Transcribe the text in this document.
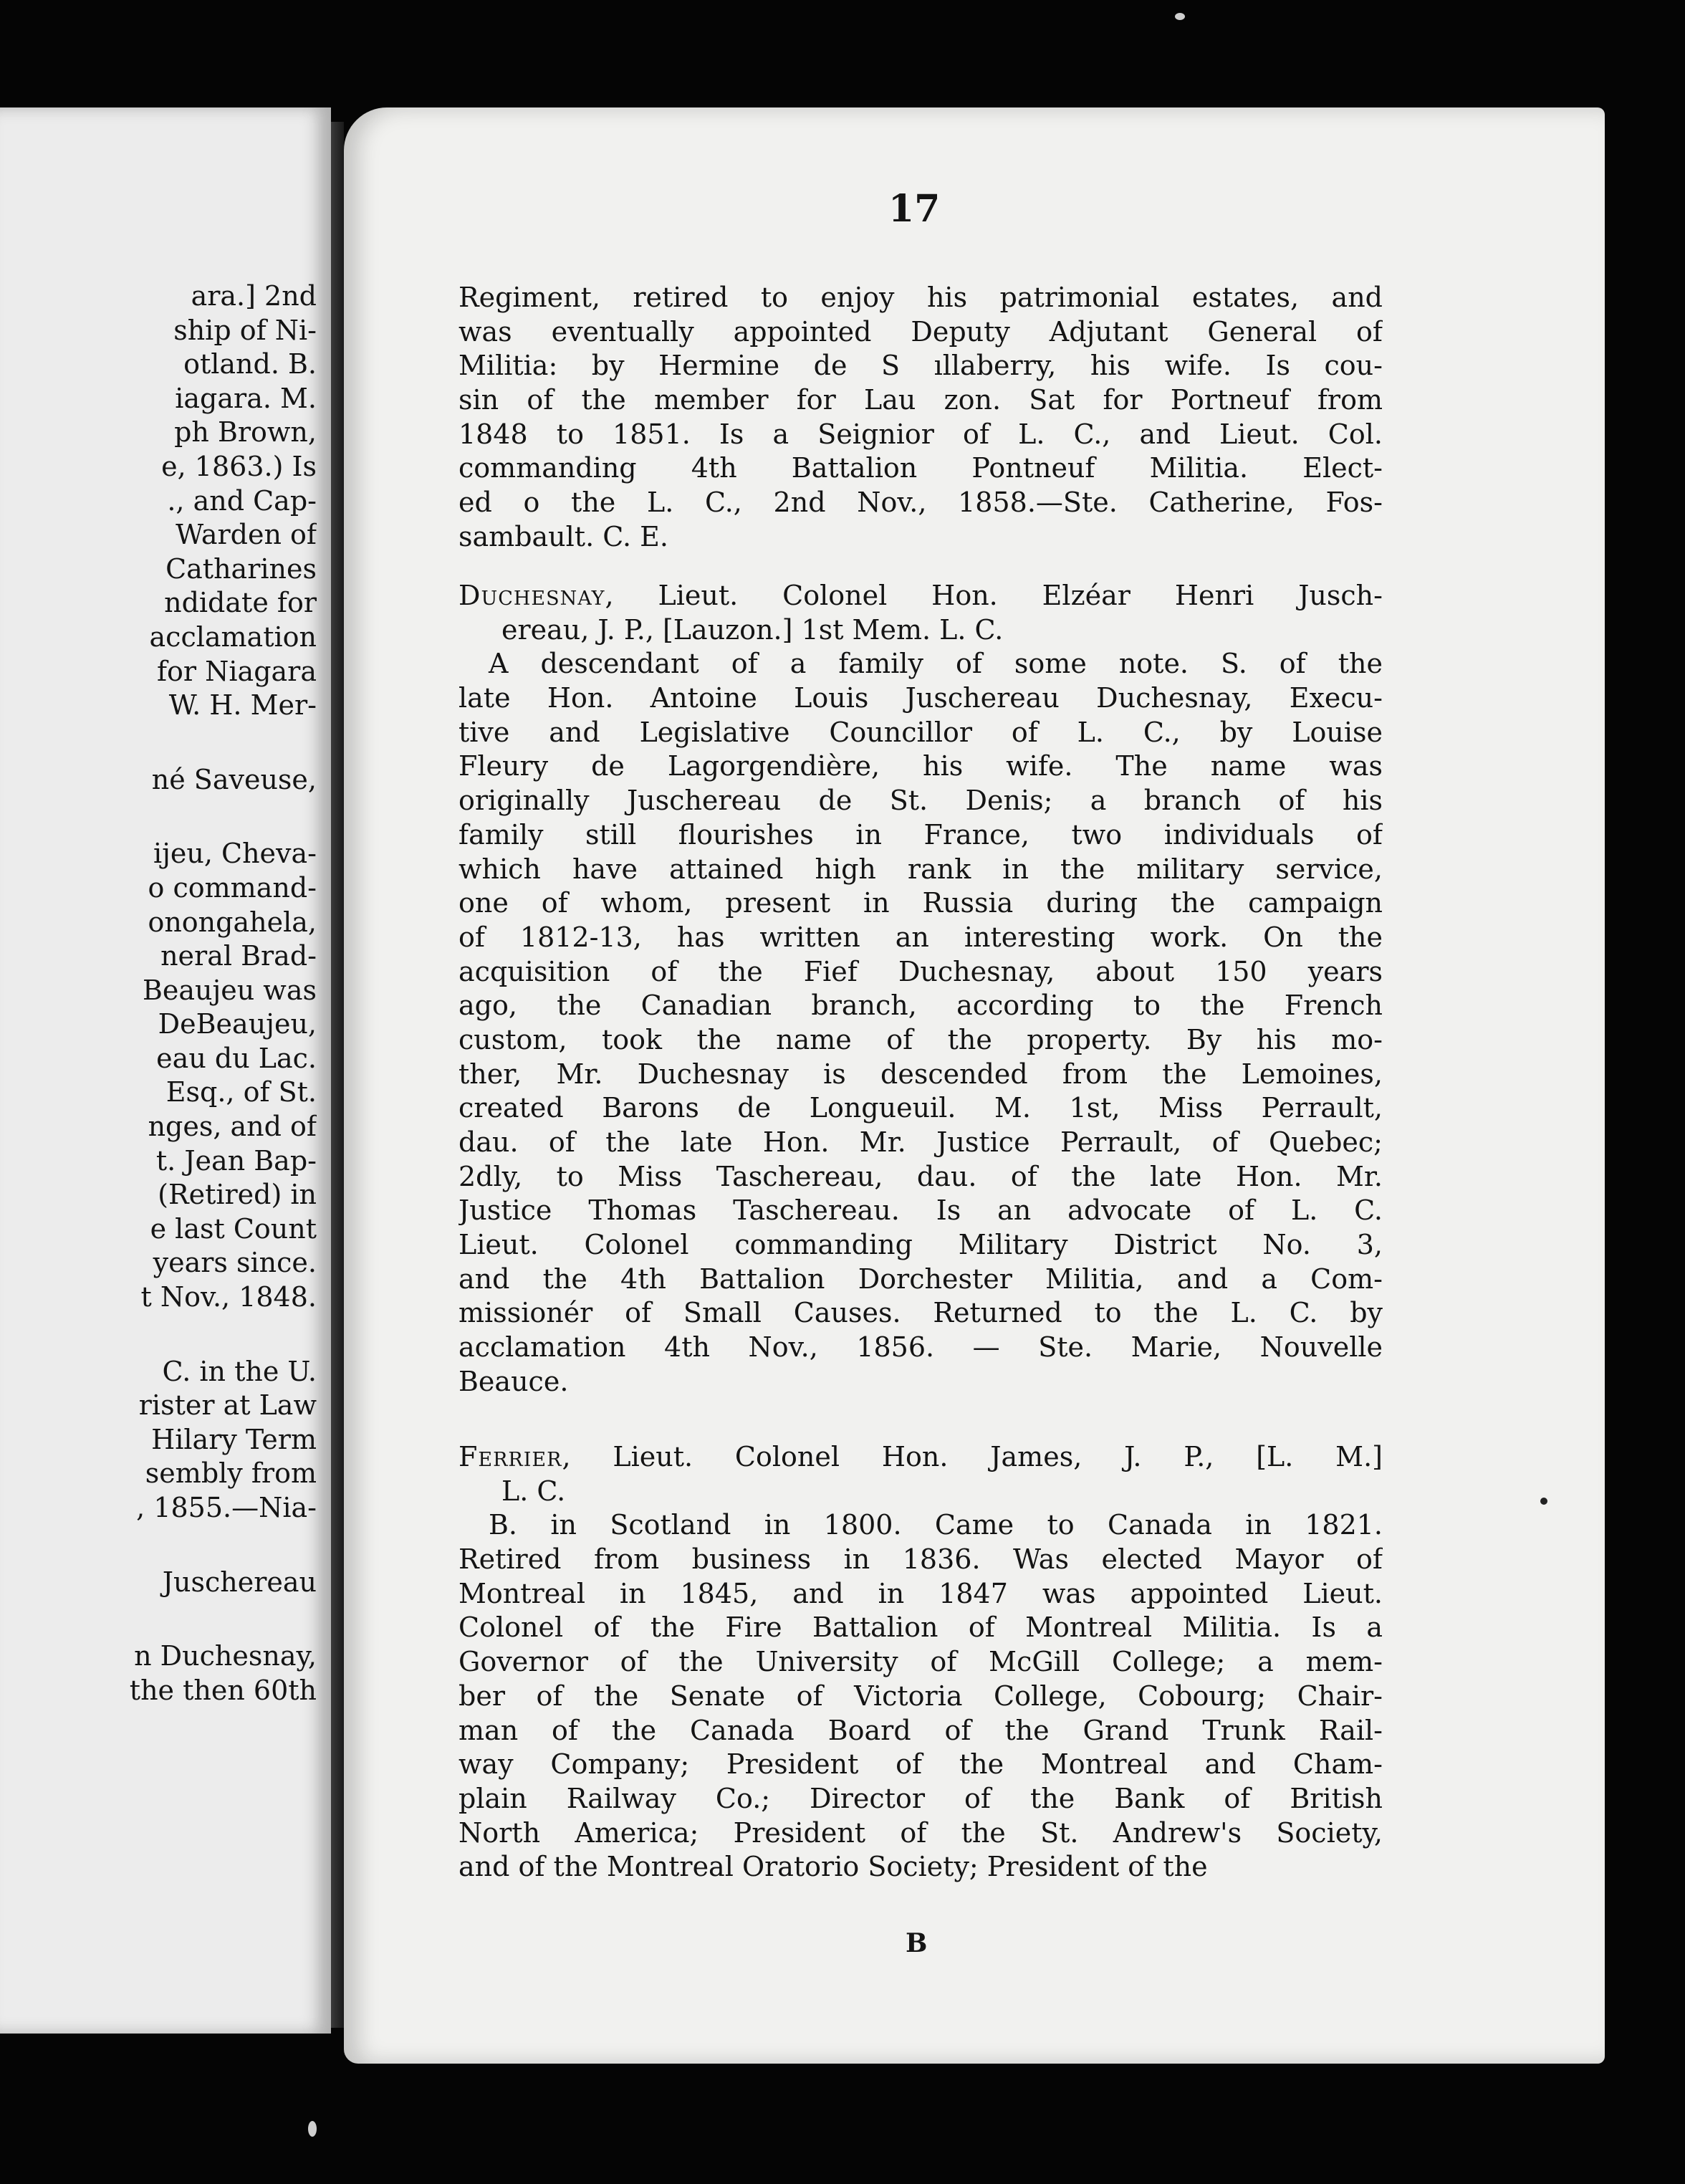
ara.] 2nd
ship of Ni-
otland. B.
iagara. M.
ph Brown,
e, 1863.) Is
., and Cap-
Warden of
Catharines
ndidate for
acclamation
for Niagara
W. H. Mer-
né Saveuse,
ijeu, Cheva-
o command-
onongahela,
neral Brad-
Beaujeu was
DeBeaujeu,
eau du Lac.
Esq., of St.
nges, and of
t. Jean Bap-
(Retired) in
e last Count
years since.
t Nov., 1848.
C. in the U.
rister at Law
Hilary Term
sembly from
, 1855.—Nia-
Juschereau
n Duchesnay,
the then 60th
17
Regiment, retired to enjoy his patrimonial estates, and
was eventually appointed Deputy Adjutant General of
Militia: by Hermine de S ıllaberry, his wife. Is cou-
sin of the member for Lau zon. Sat for Portneuf from
1848 to 1851. Is a Seignior of L. C., and Lieut. Col.
commanding 4th Battalion Pontneuf Militia. Elect-
ed o the L. C., 2nd Nov., 1858.—Ste. Catherine, Fos-
sambault. C. E.
Duchesnay, Lieut. Colonel Hon. Elzéar Henri Jusch-
ereau, J. P., [Lauzon.] 1st Mem. L. C.
A descendant of a family of some note. S. of the
late Hon. Antoine Louis Juschereau Duchesnay, Execu-
tive and Legislative Councillor of L. C., by Louise
Fleury de Lagorgendière, his wife. The name was
originally Juschereau de St. Denis; a branch of his
family still flourishes in France, two individuals of
which have attained high rank in the military service,
one of whom, present in Russia during the campaign
of 1812-13, has written an interesting work. On the
acquisition of the Fief Duchesnay, about 150 years
ago, the Canadian branch, according to the French
custom, took the name of the property. By his mo-
ther, Mr. Duchesnay is descended from the Lemoines,
created Barons de Longueuil. M. 1st, Miss Perrault,
dau. of the late Hon. Mr. Justice Perrault, of Quebec;
2dly, to Miss Taschereau, dau. of the late Hon. Mr.
Justice Thomas Taschereau. Is an advocate of L. C.
Lieut. Colonel commanding Military District No. 3,
and the 4th Battalion Dorchester Militia, and a Com-
missionér of Small Causes. Returned to the L. C. by
acclamation 4th Nov., 1856. — Ste. Marie, Nouvelle
Beauce.
Ferrier, Lieut. Colonel Hon. James, J. P., [L. M.]
L. C.
B. in Scotland in 1800. Came to Canada in 1821.
Retired from business in 1836. Was elected Mayor of
Montreal in 1845, and in 1847 was appointed Lieut.
Colonel of the Fire Battalion of Montreal Militia. Is a
Governor of the University of McGill College; a mem-
ber of the Senate of Victoria College, Cobourg; Chair-
man of the Canada Board of the Grand Trunk Rail-
way Company; President of the Montreal and Cham-
plain Railway Co.; Director of the Bank of British
North America; President of the St. Andrew's Society,
and of the Montreal Oratorio Society; President of the
B
